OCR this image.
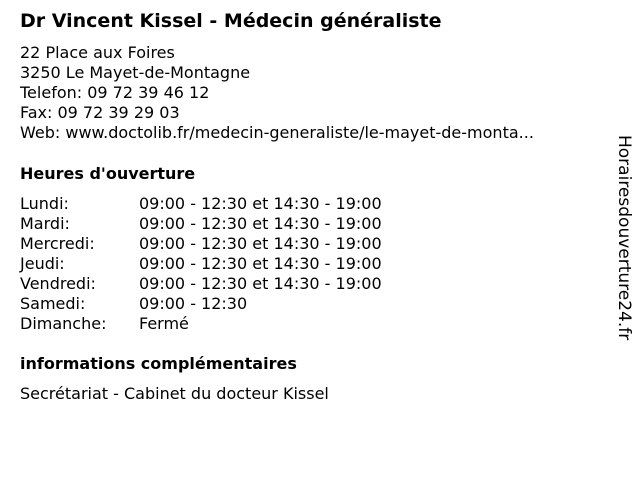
Dr Vincent Kissel - Médecin généraliste
22 Place aux Foires
3250 Le Mayet-de-Montagne
Telefon: 09 72 39 46 12
Fax: 09 72 39 29 03
Web: www.doctolib.fr/medecin-generaliste/le-mayet-de-monta...
Heures d'ouverture
Lundi:	09:00 - 12:30 et 14:30 - 19:00
Mardi:	09:00 - 12:30 et 14:30 - 19:00
Mercredi:	09:00 - 12:30 et 14:30 - 19:00
Jeudi:	09:00 - 12:30 et 14:30 - 19:00
Vendredi:	09:00 - 12:30 et 14:30 - 19:00
Samedi:	09:00 - 12:30
Dimanche:	Fermé
informations complémentaires
Secrétariat - Cabinet du docteur Kissel
Horairesdouverture24.fr
